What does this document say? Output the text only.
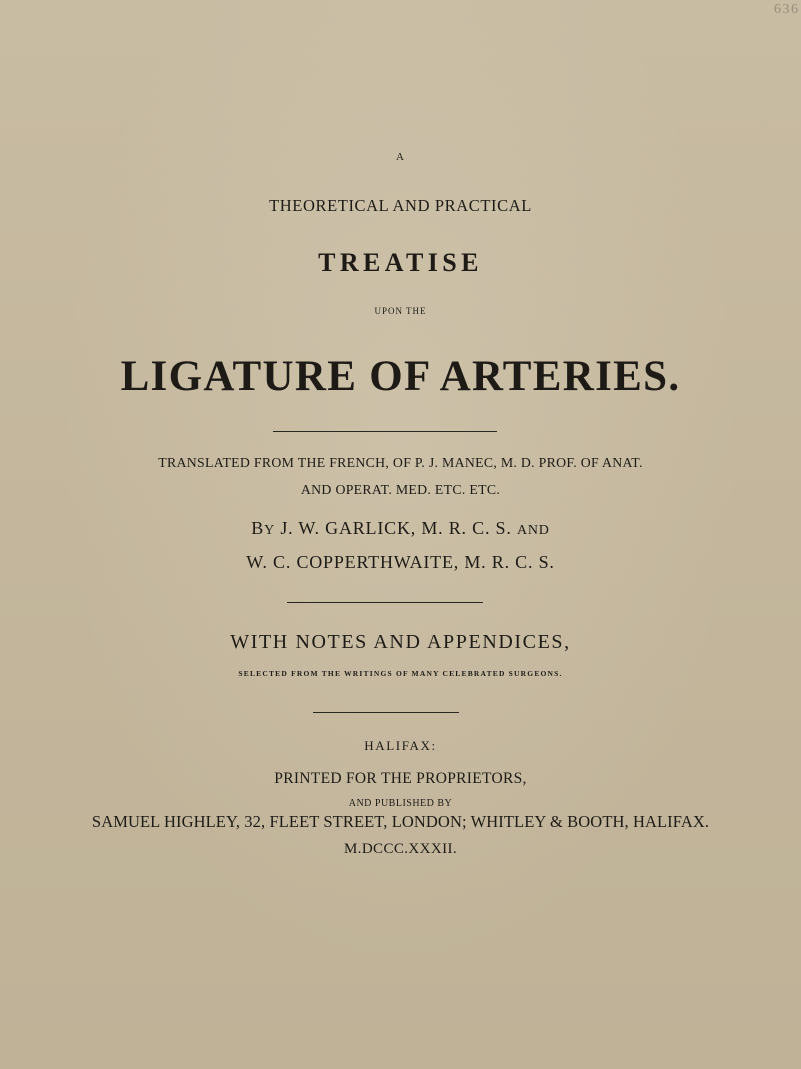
6 3 6

A

THEORETICAL AND PRACTICAL

TREATISE

UPON THE

LIGATURE OF ARTERIES.

TRANSLATED FROM THE FRENCH, OF P. J. MANEC, M. D. PROF. OF ANAT.

AND OPERAT. MED. ETC. ETC.

BY J. W. GARLICK, M. R. C. S. AND

W. C. COPPERTHWAITE, M. R. C. S.

WITH NOTES AND APPENDICES,

SELECTED FROM THE WRITINGS OF MANY CELEBRATED SURGEONS.

HALIFAX:

PRINTED FOR THE PROPRIETORS,

AND PUBLISHED BY

SAMUEL HIGHLEY, 32, FLEET STREET, LONDON; WHITLEY & BOOTH, HALIFAX.

M.DCCC.XXXII.
